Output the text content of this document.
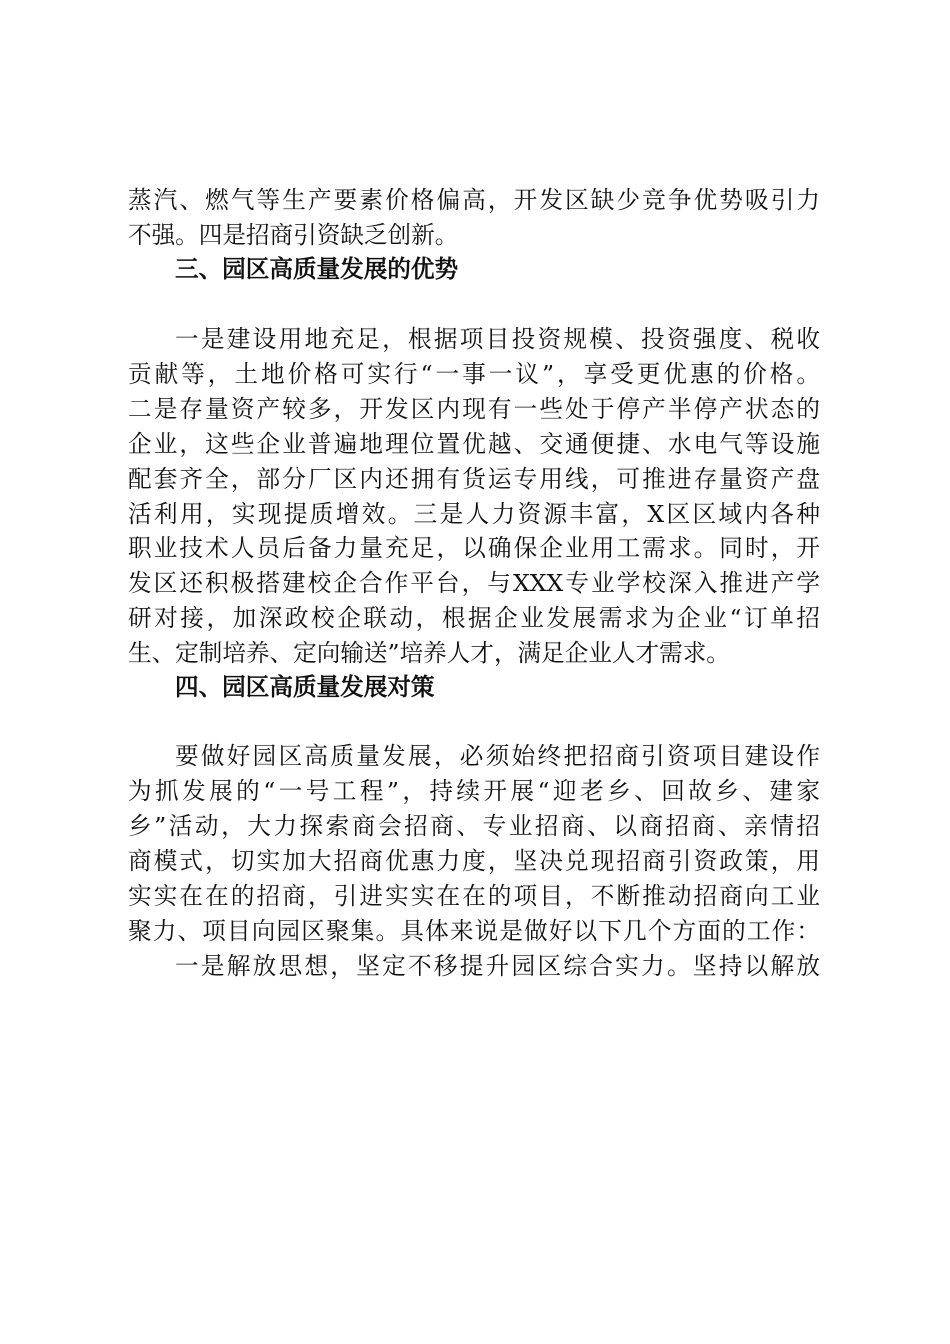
蒸汽、燃气等生产要素价格偏高，开发区缺少竞争优势吸引力
不强。四是招商引资缺乏创新。
三、园区高质量发展的优势
一是建设用地充足，根据项目投资规模、投资强度、税收
贡献等，土地价格可实行“一事一议”，享受更优惠的价格。
二是存量资产较多，开发区内现有一些处于停产半停产状态的
企业，这些企业普遍地理位置优越、交通便捷、水电气等设施
配套齐全，部分厂区内还拥有货运专用线，可推进存量资产盘
活利用，实现提质增效。三是人力资源丰富，X区区域内各种
职业技术人员后备力量充足，以确保企业用工需求。同时，开
发区还积极搭建校企合作平台，与XXX专业学校深入推进产学
研对接，加深政校企联动，根据企业发展需求为企业“订单招
生、定制培养、定向输送”培养人才，满足企业人才需求。
四、园区高质量发展对策
要做好园区高质量发展，必须始终把招商引资项目建设作
为抓发展的“一号工程”，持续开展“迎老乡、回故乡、建家
乡”活动，大力探索商会招商、专业招商、以商招商、亲情招
商模式，切实加大招商优惠力度，坚决兑现招商引资政策，用
实实在在的招商，引进实实在在的项目，不断推动招商向工业
聚力、项目向园区聚集。具体来说是做好以下几个方面的工作：
一是解放思想，坚定不移提升园区综合实力。坚持以解放
